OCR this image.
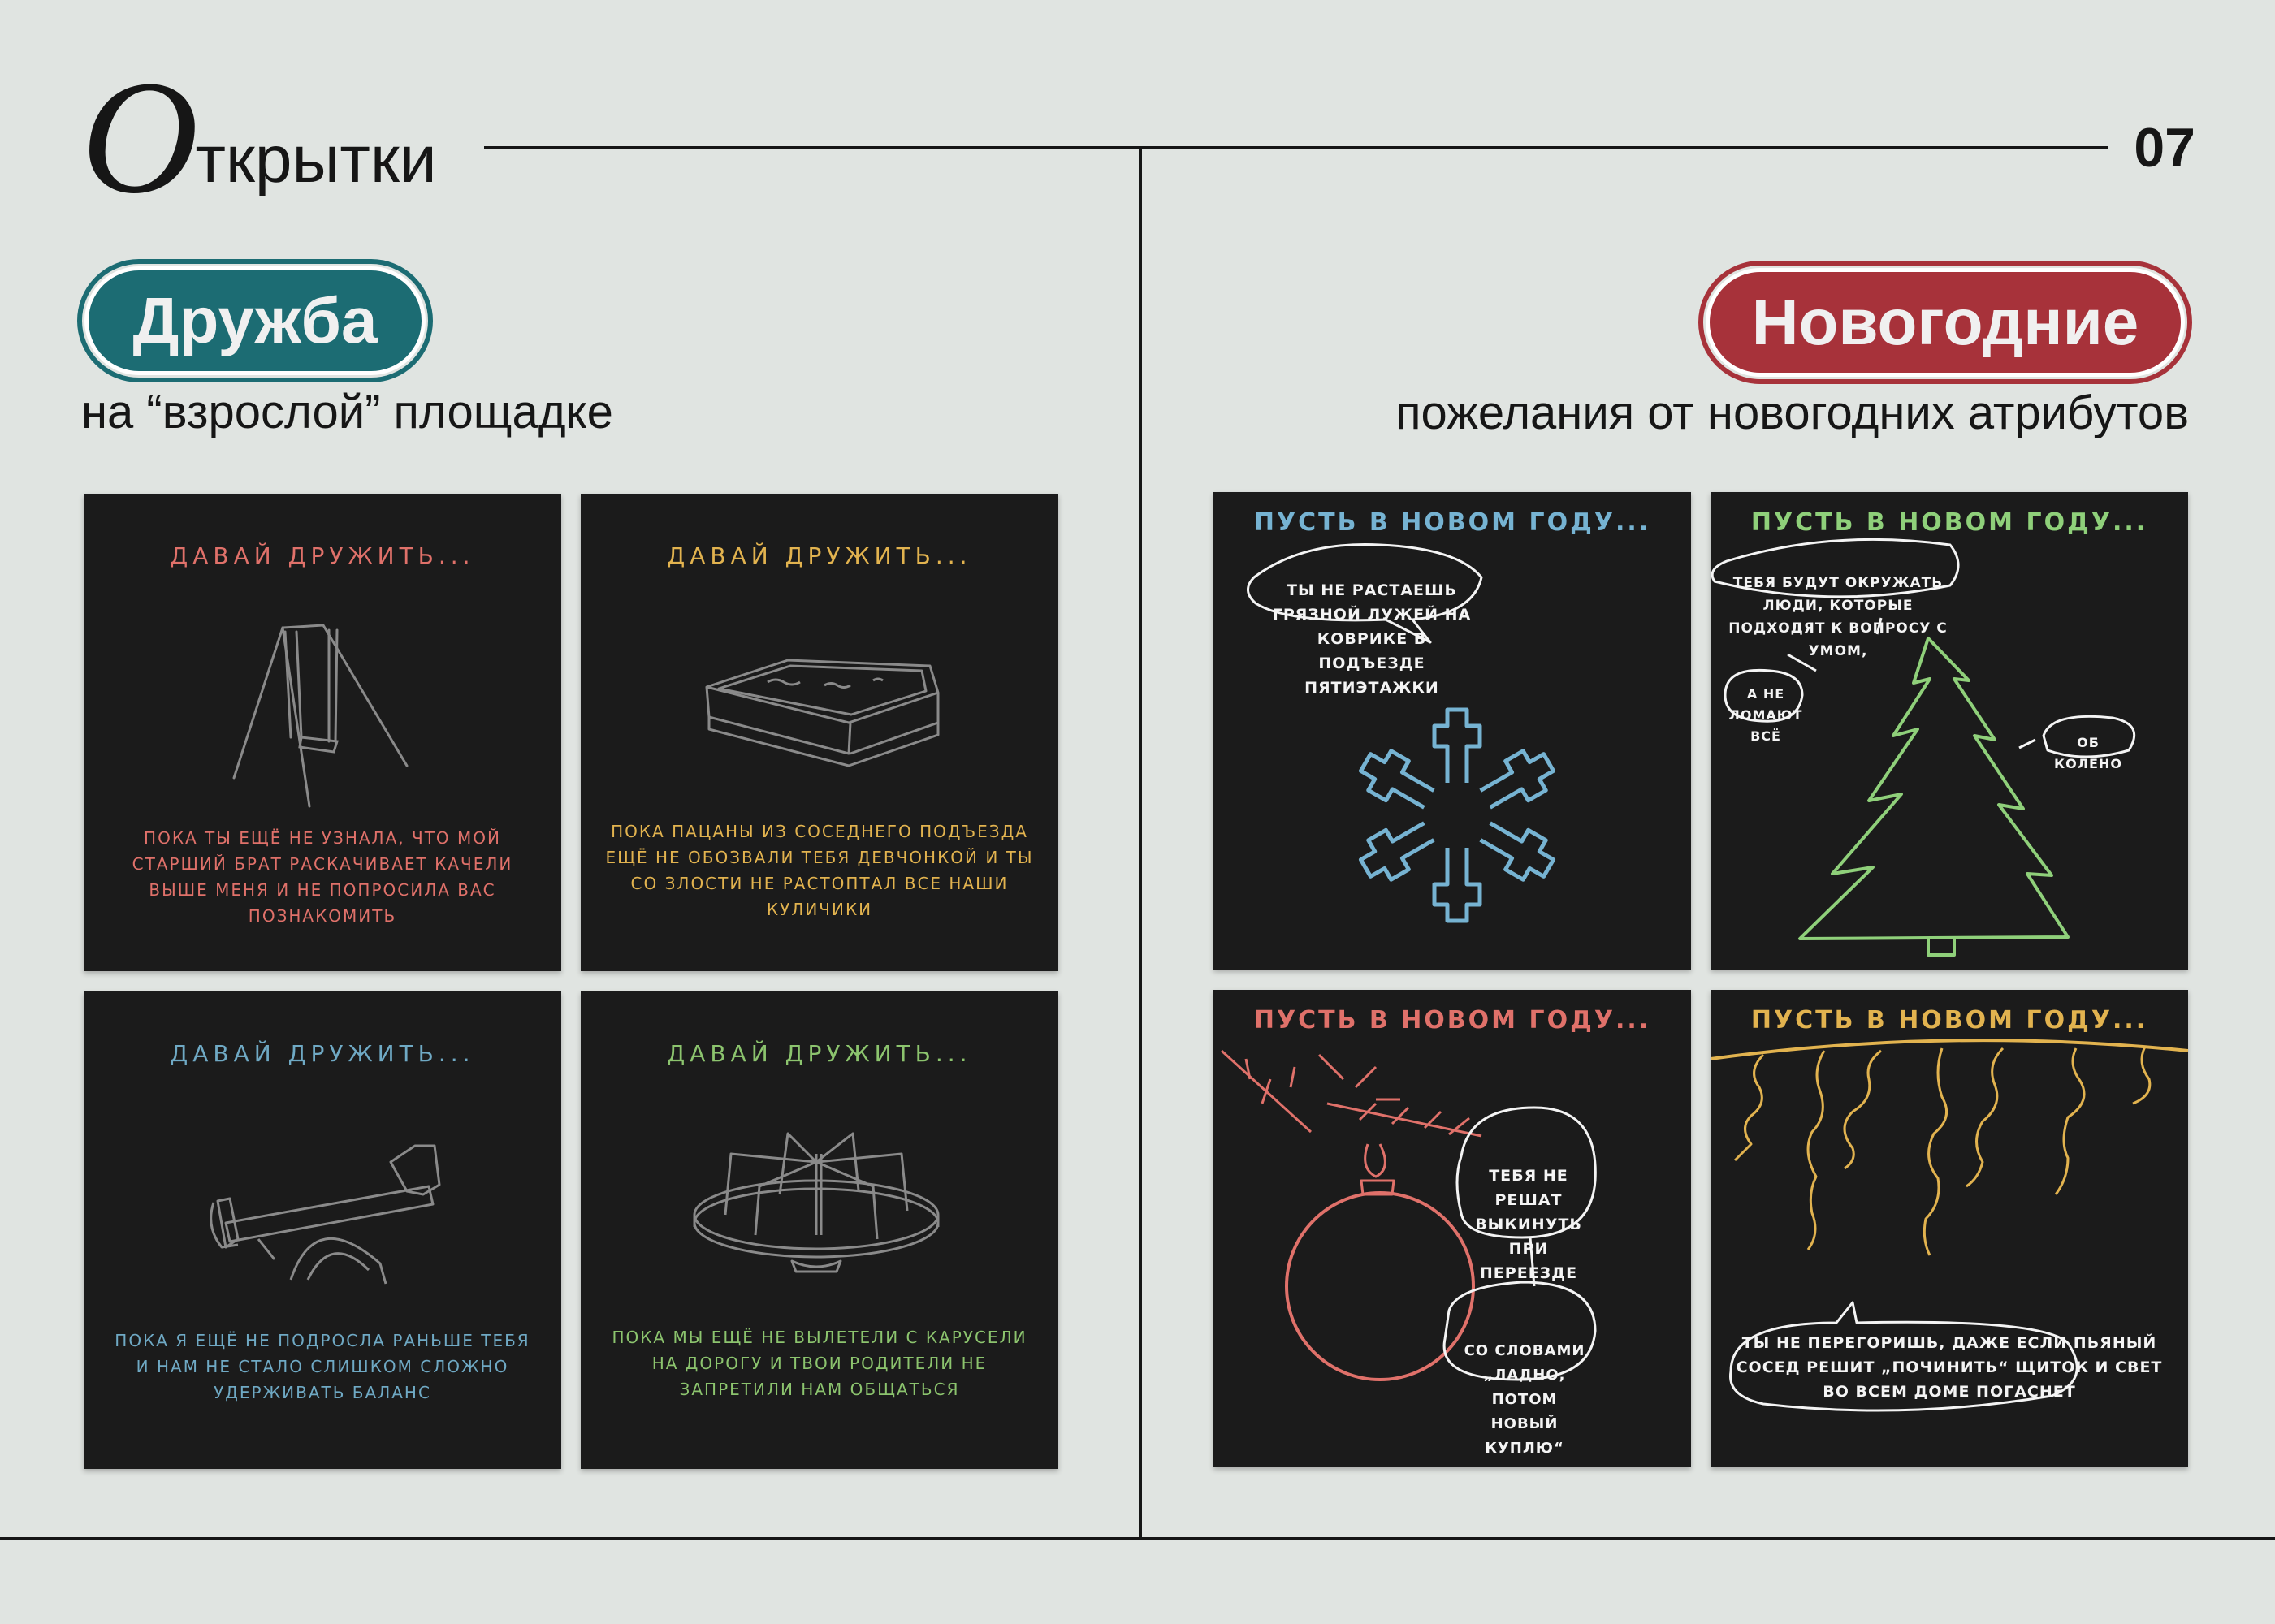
О ткрытки	07
Дружба
на “взрослой” площадке
Новогодние
пожелания от новогодних атрибутов
ДАВАЙ ДРУЖИТЬ...
ПОКА ТЫ ЕЩЁ НЕ УЗНАЛА, ЧТО МОЙ СТАРШИЙ БРАТ РАСКАЧИВАЕТ КАЧЕЛИ ВЫШЕ МЕНЯ И НЕ ПОПРОСИЛА ВАС ПОЗНАКОМИТЬ
ДАВАЙ ДРУЖИТЬ...
ПОКА ПАЦАНЫ ИЗ СОСЕДНЕГО ПОДЪЕЗДА ЕЩЁ НЕ ОБОЗВАЛИ ТЕБЯ ДЕВЧОНКОЙ И ТЫ СО ЗЛОСТИ НЕ РАСТОПТАЛ ВСЕ НАШИ КУЛИЧИКИ
ДАВАЙ ДРУЖИТЬ...
ПОКА Я ЕЩЁ НЕ ПОДРОСЛА РАНЬШЕ ТЕБЯ И НАМ НЕ СТАЛО СЛИШКОМ СЛОЖНО УДЕРЖИВАТЬ БАЛАНС
ДАВАЙ ДРУЖИТЬ...
ПОКА МЫ ЕЩЁ НЕ ВЫЛЕТЕЛИ С КАРУСЕЛИ НА ДОРОГУ И ТВОИ РОДИТЕЛИ НЕ ЗАПРЕТИЛИ НАМ ОБЩАТЬСЯ
ПУСТЬ В НОВОМ ГОДУ...
ТЫ НЕ РАСТАЕШЬ ГРЯЗНОЙ ЛУЖЕЙ НА КОВРИКЕ В ПОДЪЕЗДЕ ПЯТИЭТАЖКИ
ПУСТЬ В НОВОМ ГОДУ...
ТЕБЯ БУДУТ ОКРУЖАТЬ ЛЮДИ, КОТОРЫЕ ПОДХОДЯТ К ВОПРОСУ С УМОМ,
А НЕ ЛОМАЮТ ВСЁ	ОБ КОЛЕНО
ПУСТЬ В НОВОМ ГОДУ...
ТЕБЯ НЕ РЕШАТ ВЫКИНУТЬ ПРИ ПЕРЕЕЗДЕ
СО СЛОВАМИ „ЛАДНО, ПОТОМ НОВЫЙ КУПЛЮ“
ПУСТЬ В НОВОМ ГОДУ...
ТЫ НЕ ПЕРЕГОРИШЬ, ДАЖЕ ЕСЛИ ПЬЯНЫЙ СОСЕД РЕШИТ „ПОЧИНИТЬ“ ЩИТОК И СВЕТ ВО ВСЕМ ДОМЕ ПОГАСНЕТ
